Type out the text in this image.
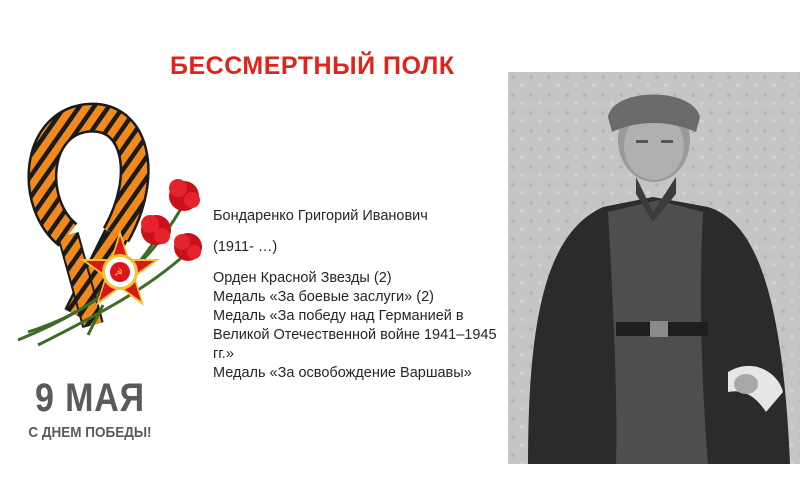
БЕССМЕРТНЫЙ ПОЛК
☭
9 МАЯ
С ДНЕМ ПОБЕДЫ!
Бондаренко Григорий Иванович
(1911- …)
Орден Красной Звезды (2)
Медаль «За боевые заслуги» (2)
Медаль «За победу над Германией в Великой Отечественной войне 1941–1945 гг.»
Медаль «За освобождение Варшавы»
